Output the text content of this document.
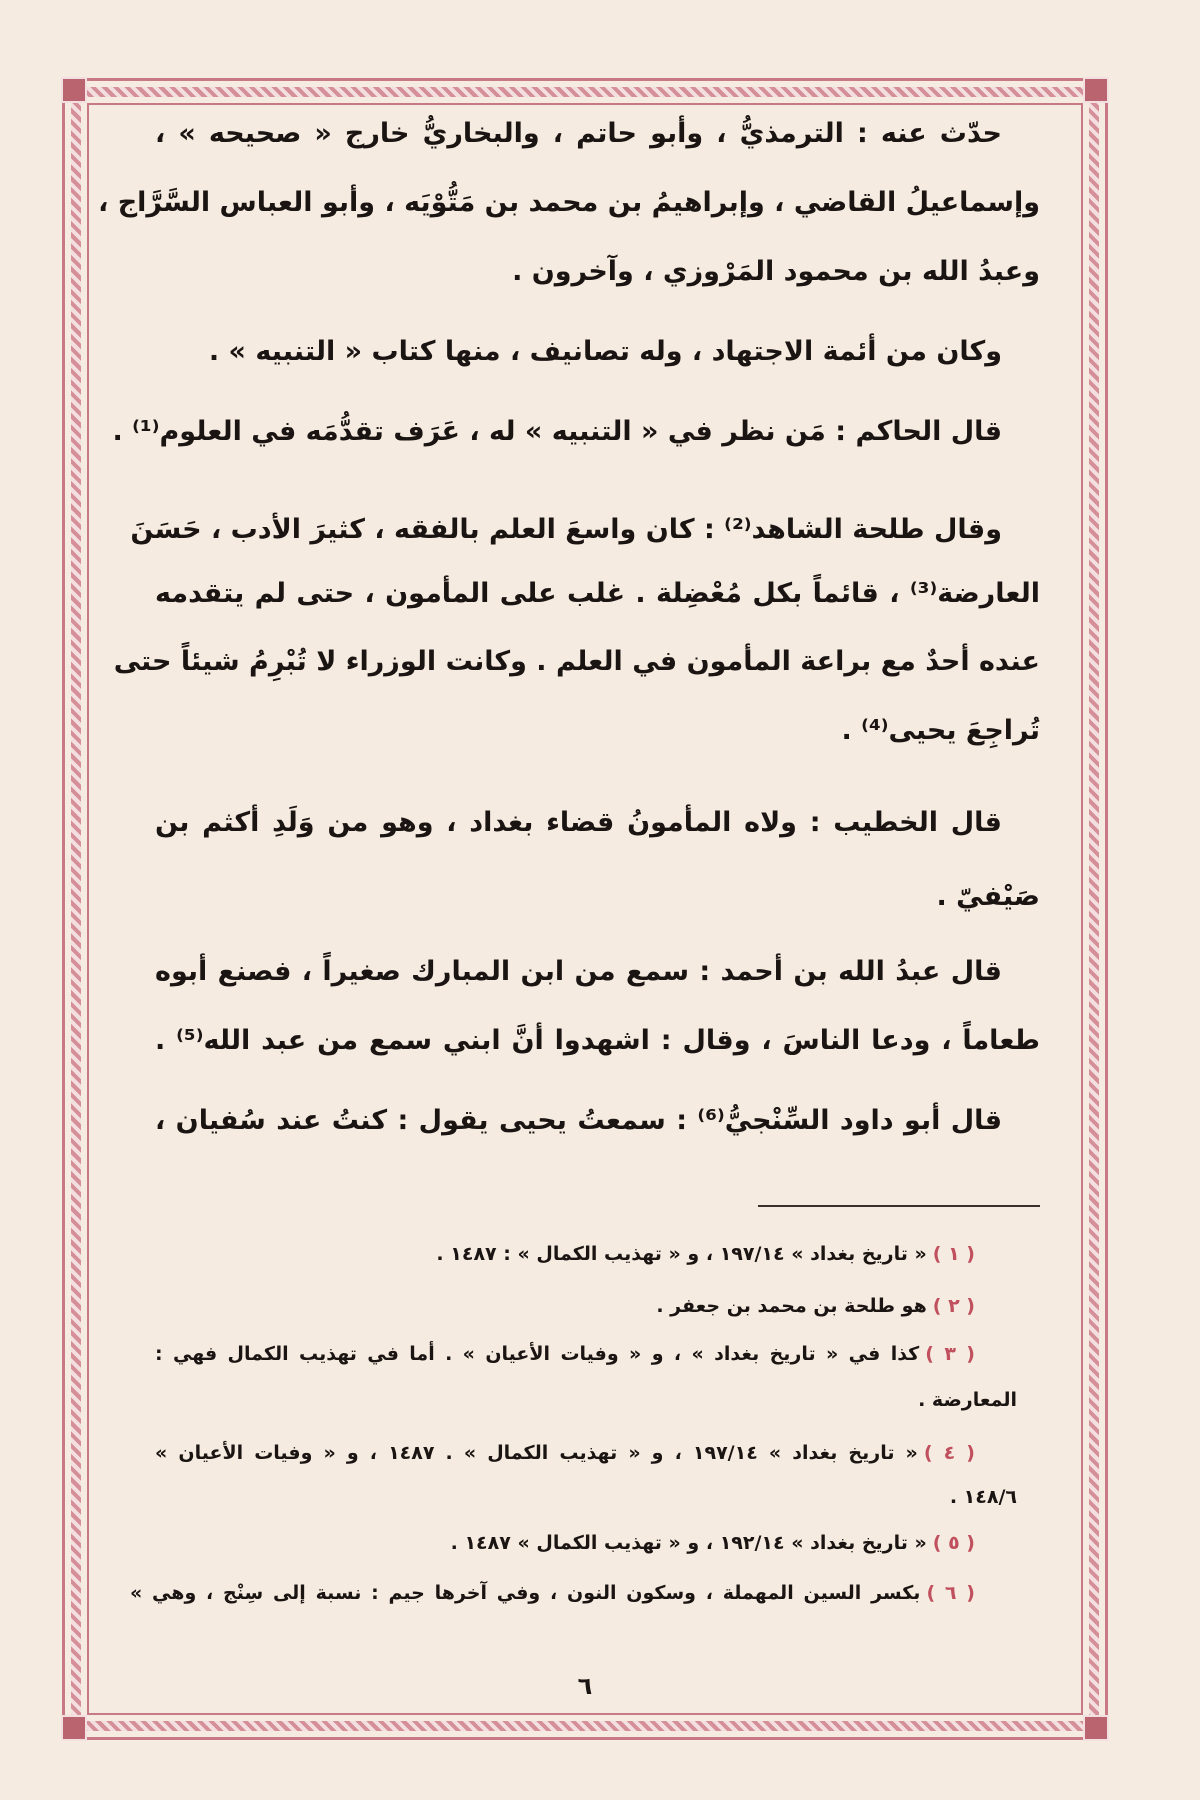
حدّث عنه : الترمذيُّ ، وأبو حاتم ، والبخاريُّ خارج « صحيحه » ،
وإسماعيلُ القاضي ، وإبراهيمُ بن محمد بن مَتُّوْيَه ، وأبو العباس السَّرَّاج ،
وعبدُ الله بن محمود المَرْوزي ، وآخرون .
وكان من أئمة الاجتهاد ، وله تصانيف ، منها كتاب « التنبيه » .
قال الحاكم : مَن نظر في « التنبيه » له ، عَرَف تقدُّمَه في العلوم⁽¹⁾ .
وقال طلحة الشاهد⁽²⁾ : كان واسعَ العلم بالفقه ، كثيرَ الأدب ، حَسَنَ
العارضة⁽³⁾ ، قائماً بكل مُعْضِلة . غلب على المأمون ، حتى لم يتقدمه
عنده أحدٌ مع براعة المأمون في العلم . وكانت الوزراء لا تُبْرِمُ شيئاً حتى
تُراجِعَ يحيى⁽⁴⁾ .
قال الخطيب : ولاه المأمونُ قضاء بغداد ، وهو من وَلَدِ أكثم بن
صَيْفيّ .
قال عبدُ الله بن أحمد : سمع من ابن المبارك صغيراً ، فصنع أبوه
طعاماً ، ودعا الناسَ ، وقال : اشهدوا أنَّ ابني سمع من عبد الله⁽⁵⁾ .
قال أبو داود السِّنْجيُّ⁽⁶⁾ : سمعتُ يحيى يقول : كنتُ عند سُفيان ،
( ١ )« تاريخ بغداد » ١٩٧/١٤ ، و « تهذيب الكمال » : ١٤٨٧ .
( ٢ )هو طلحة بن محمد بن جعفر .
( ٣ )كذا في « تاريخ بغداد » ، و « وفيات الأعيان » . أما في تهذيب الكمال فهي :
المعارضة .
( ٤ )« تاريخ بغداد » ١٩٧/١٤ ، و « تهذيب الكمال » . ١٤٨٧ ، و « وفيات الأعيان »
١٤٨/٦ .
( ٥ )« تاريخ بغداد » ١٩٢/١٤ ، و « تهذيب الكمال » ١٤٨٧ .
( ٦ )بكسر السين المهملة ، وسكون النون ، وفي آخرها جيم : نسبة إلى سِنْج ، وهي »
٦
